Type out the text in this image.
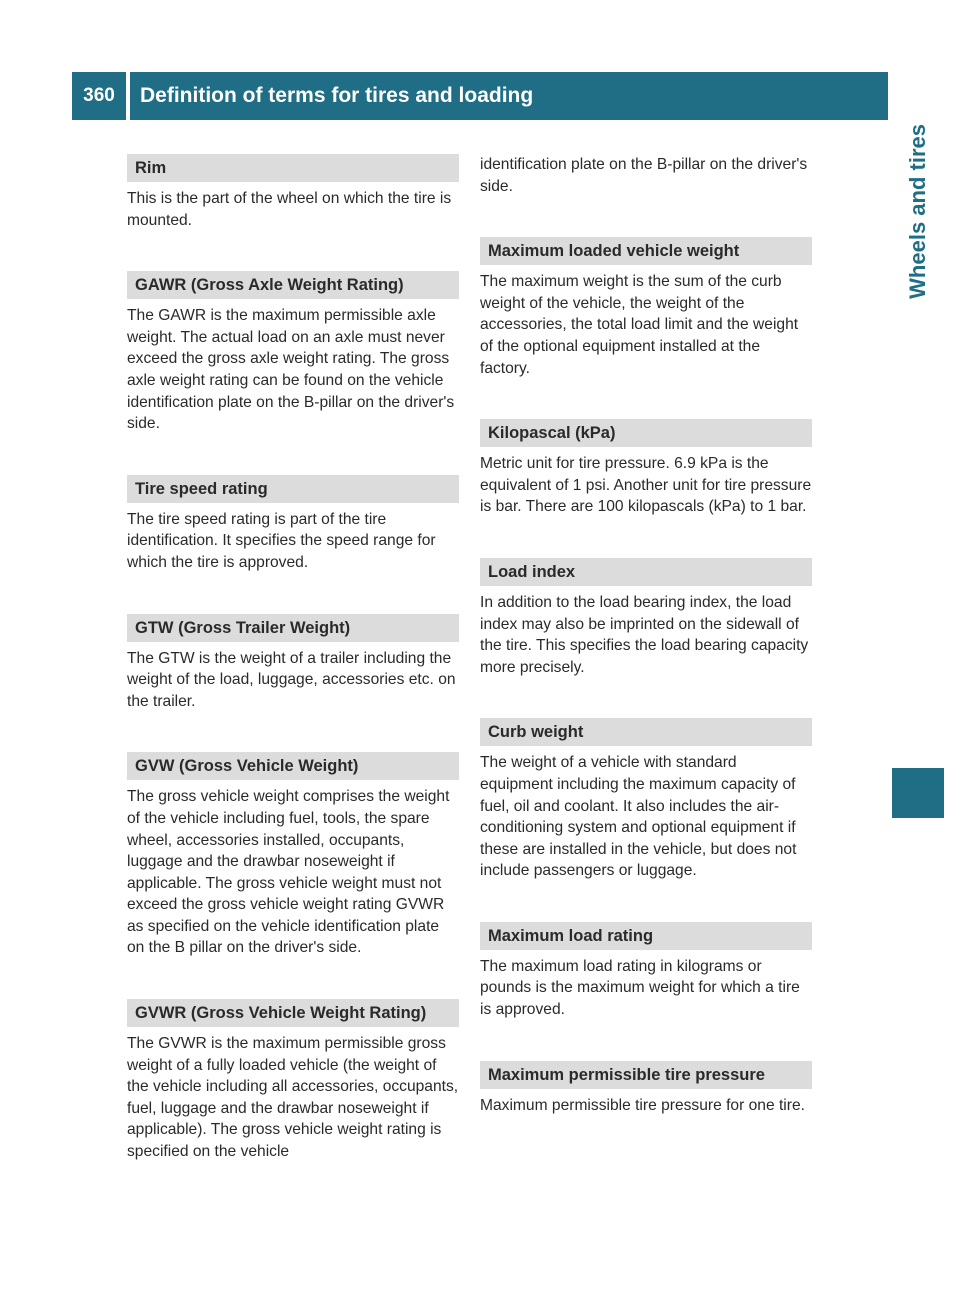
360	Definition of terms for tires and loading
Wheels and tires
Rim

This is the part of the wheel on which the tire is mounted.

GAWR (Gross Axle Weight Rating)

The GAWR is the maximum permissible axle weight. The actual load on an axle must never exceed the gross axle weight rating. The gross axle weight rating can be found on the vehicle identification plate on the B-pillar on the driver's side.

Tire speed rating

The tire speed rating is part of the tire identification. It specifies the speed range for which the tire is approved.

GTW (Gross Trailer Weight)

The GTW is the weight of a trailer including the weight of the load, luggage, accessories etc. on the trailer.

GVW (Gross Vehicle Weight)

The gross vehicle weight comprises the weight of the vehicle including fuel, tools, the spare wheel, accessories installed, occupants, luggage and the drawbar noseweight if applicable. The gross vehicle weight must not exceed the gross vehicle weight rating GVWR as specified on the vehicle identification plate on the B pillar on the driver's side.

GVWR (Gross Vehicle Weight Rating)

The GVWR is the maximum permissible gross weight of a fully loaded vehicle (the weight of the vehicle including all accessories, occupants, fuel, luggage and the drawbar noseweight if applicable). The gross vehicle weight rating is specified on the vehicle

identification plate on the B-pillar on the driver's side.

Maximum loaded vehicle weight

The maximum weight is the sum of the curb weight of the vehicle, the weight of the accessories, the total load limit and the weight of the optional equipment installed at the factory.

Kilopascal (kPa)

Metric unit for tire pressure. 6.9 kPa is the equivalent of 1 psi. Another unit for tire pressure is bar. There are 100 kilopascals (kPa) to 1 bar.

Load index

In addition to the load bearing index, the load index may also be imprinted on the sidewall of the tire. This specifies the load bearing capacity more precisely.

Curb weight

The weight of a vehicle with standard equipment including the maximum capacity of fuel, oil and coolant. It also includes the air-conditioning system and optional equipment if these are installed in the vehicle, but does not include passengers or luggage.

Maximum load rating

The maximum load rating in kilograms or pounds is the maximum weight for which a tire is approved.

Maximum permissible tire pressure

Maximum permissible tire pressure for one tire.
